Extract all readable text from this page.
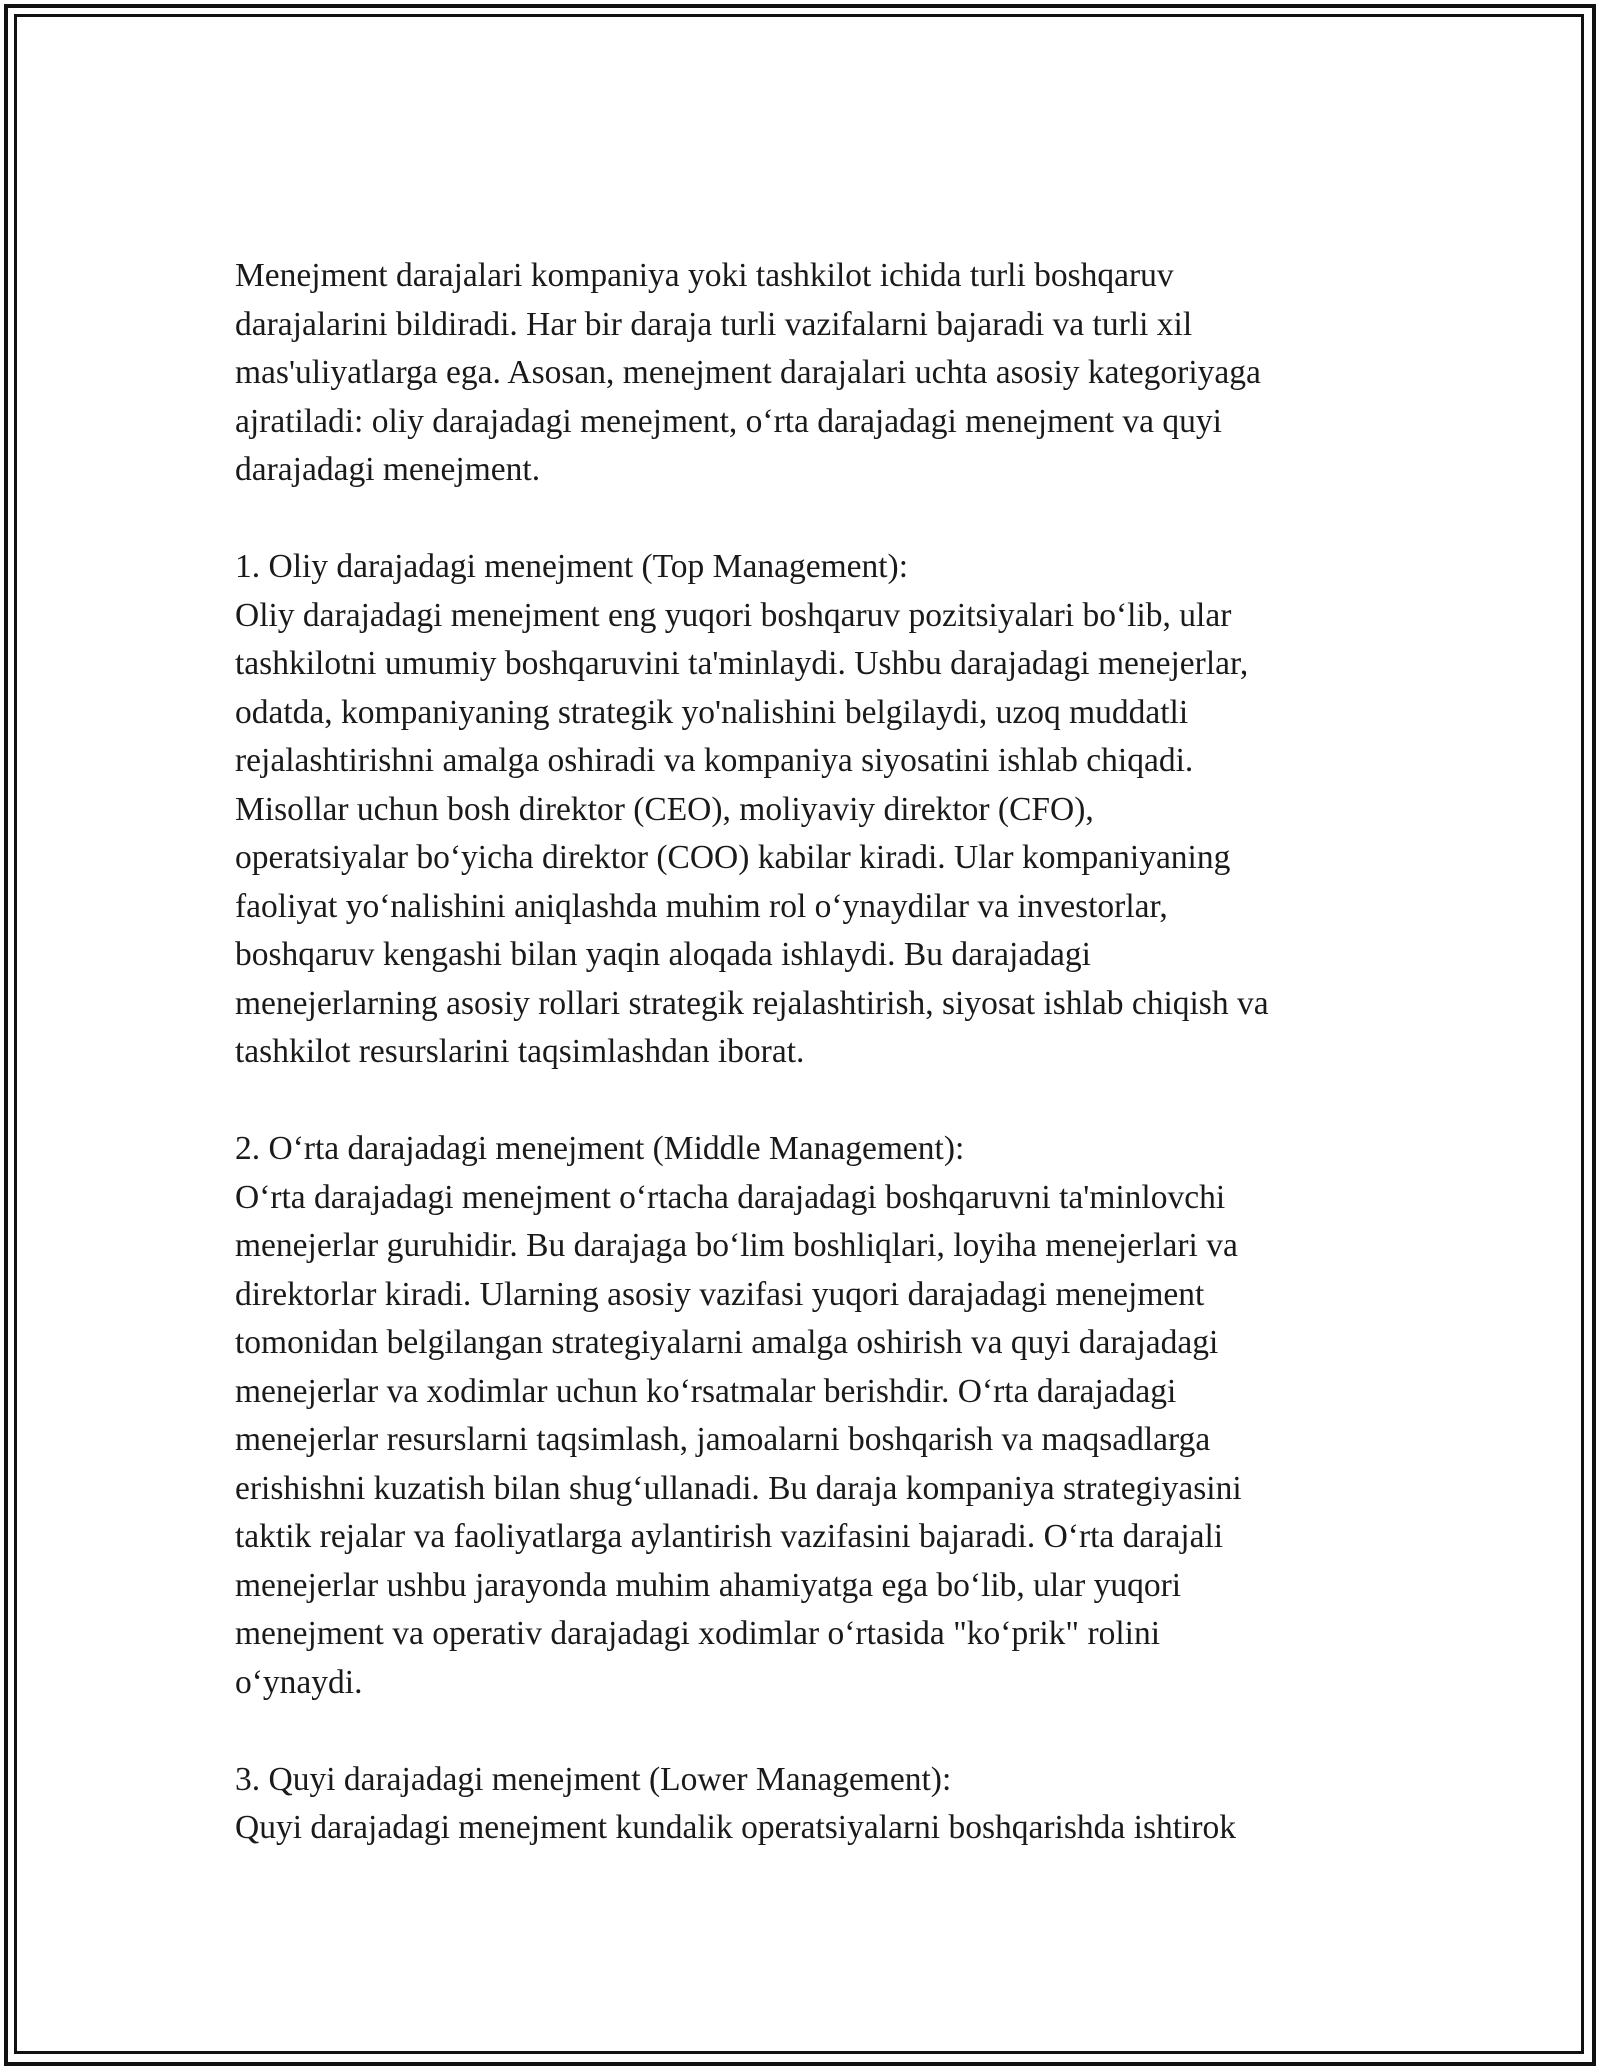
Menejment darajalari kompaniya yoki tashkilot ichida turli boshqaruv
darajalarini bildiradi. Har bir daraja turli vazifalarni bajaradi va turli xil
mas'uliyatlarga ega. Asosan, menejment darajalari uchta asosiy kategoriyaga
ajratiladi: oliy darajadagi menejment, o‘rta darajadagi menejment va quyi
darajadagi menejment.
1. Oliy darajadagi menejment (Top Management):
Oliy darajadagi menejment eng yuqori boshqaruv pozitsiyalari bo‘lib, ular
tashkilotni umumiy boshqaruvini ta'minlaydi. Ushbu darajadagi menejerlar,
odatda, kompaniyaning strategik yo'nalishini belgilaydi, uzoq muddatli
rejalashtirishni amalga oshiradi va kompaniya siyosatini ishlab chiqadi.
Misollar uchun bosh direktor (CEO), moliyaviy direktor (CFO),
operatsiyalar bo‘yicha direktor (COO) kabilar kiradi. Ular kompaniyaning
faoliyat yo‘nalishini aniqlashda muhim rol o‘ynaydilar va investorlar,
boshqaruv kengashi bilan yaqin aloqada ishlaydi. Bu darajadagi
menejerlarning asosiy rollari strategik rejalashtirish, siyosat ishlab chiqish va
tashkilot resurslarini taqsimlashdan iborat.
2. O‘rta darajadagi menejment (Middle Management):
O‘rta darajadagi menejment o‘rtacha darajadagi boshqaruvni ta'minlovchi
menejerlar guruhidir. Bu darajaga bo‘lim boshliqlari, loyiha menejerlari va
direktorlar kiradi. Ularning asosiy vazifasi yuqori darajadagi menejment
tomonidan belgilangan strategiyalarni amalga oshirish va quyi darajadagi
menejerlar va xodimlar uchun ko‘rsatmalar berishdir. O‘rta darajadagi
menejerlar resurslarni taqsimlash, jamoalarni boshqarish va maqsadlarga
erishishni kuzatish bilan shug‘ullanadi. Bu daraja kompaniya strategiyasini
taktik rejalar va faoliyatlarga aylantirish vazifasini bajaradi. O‘rta darajali
menejerlar ushbu jarayonda muhim ahamiyatga ega bo‘lib, ular yuqori
menejment va operativ darajadagi xodimlar o‘rtasida "ko‘prik" rolini
o‘ynaydi.
3. Quyi darajadagi menejment (Lower Management):
Quyi darajadagi menejment kundalik operatsiyalarni boshqarishda ishtirok
